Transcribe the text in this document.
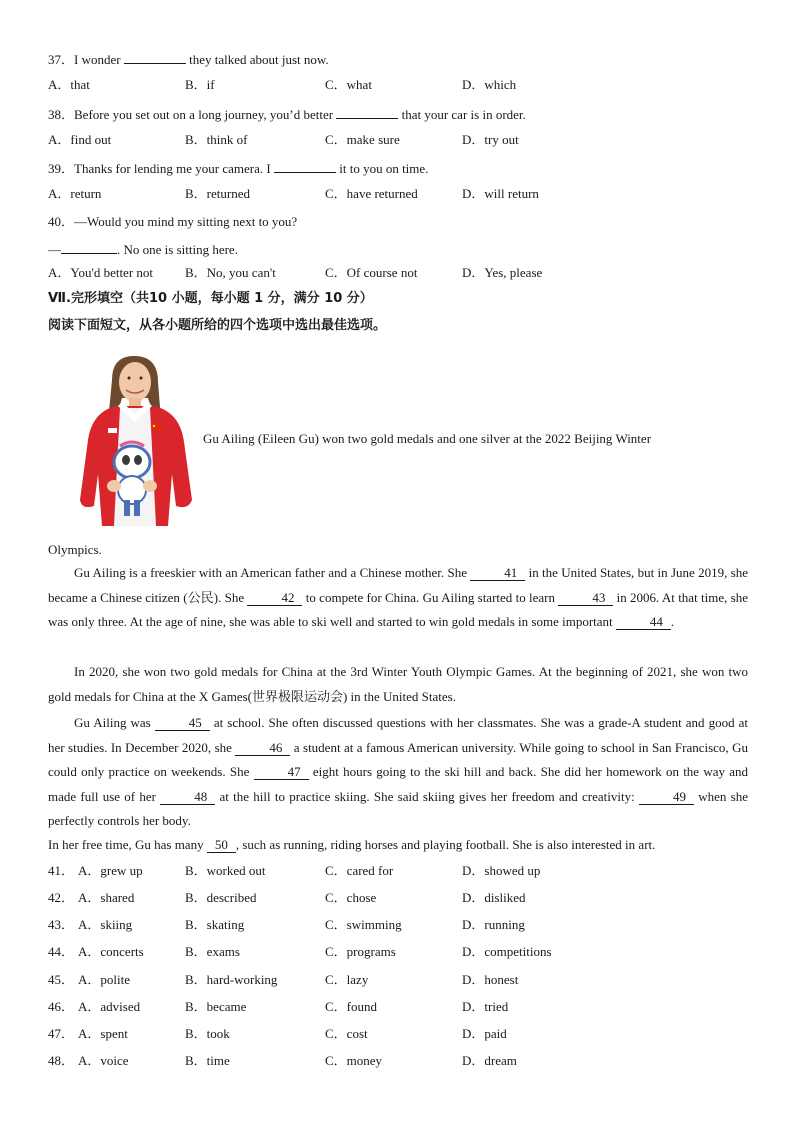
37．I wonder	they talked about just now.
A．that	B．if	C．what	D．which
38．Before you set out on a long journey, you’d better	that your car is in order.
A．find out	B．think of	C．make sure	D．try out
39．Thanks for lending me your camera. I	it to you on time.
A．return	B．returned	C．have returned	D．will return
40．—Would you mind my sitting next to you?
—	. No one is sitting here.
A．You'd better not B．No, you can't	C．Of course not	D．Yes, please
Ⅶ.完形填空（共10 小题，每小题 1 分，满分 10 分）
阅读下面短文，从各小题所给的四个选项中选出最佳选项。
Gu Ailing (Eileen Gu) won two gold medals and one silver at the 2022 Beijing Winter
Olympics.
Gu Ailing is a freeskier with an American father and a Chinese mother. She	41 in the United States, but in June 2019, she became a Chinese citizen (公民). She	42 to compete for China. Gu Ailing started to learn	43 in 2006. At that time, she was only three. At the age of nine, she was able to ski well and started to win gold medals in some important	44 .
In 2020, she won two gold medals for China at the 3rd Winter Youth Olympic Games. At the beginning of 2021, she won two gold medals for China at the X Games(世界极限运动会) in the United States.
Gu Ailing was	45 at school. She often discussed questions with her classmates. She was a grade-A student and good at her studies. In December 2020, she	46 a student at a famous American university. While going to school in San Francisco, Gu could only practice on weekends. She	47 eight hours going to the ski hill and back. She did her homework on the way and made full use of her	48 at the hill to practice skiing. She said skiing gives her freedom and creativity:	49 when she perfectly controls her body.
In her free time, Gu has many 50 , such as running, riding horses and playing football. She is also interested in art.
41． A．grew up	B．worked out	C．cared for	D．showed up
42． A．shared	B．described	C．chose	D．disliked
43． A．skiing	B．skating	C．swimming	D．running
44． A．concerts	B．exams	C．programs	D．competitions
45． A．polite	B．hard-working	C．lazy	D．honest
46． A．advised	B．became	C．found	D．tried
47． A．spent	B．took	C．cost	D．paid
48． A．voice	B．time	C．money	D．dream
